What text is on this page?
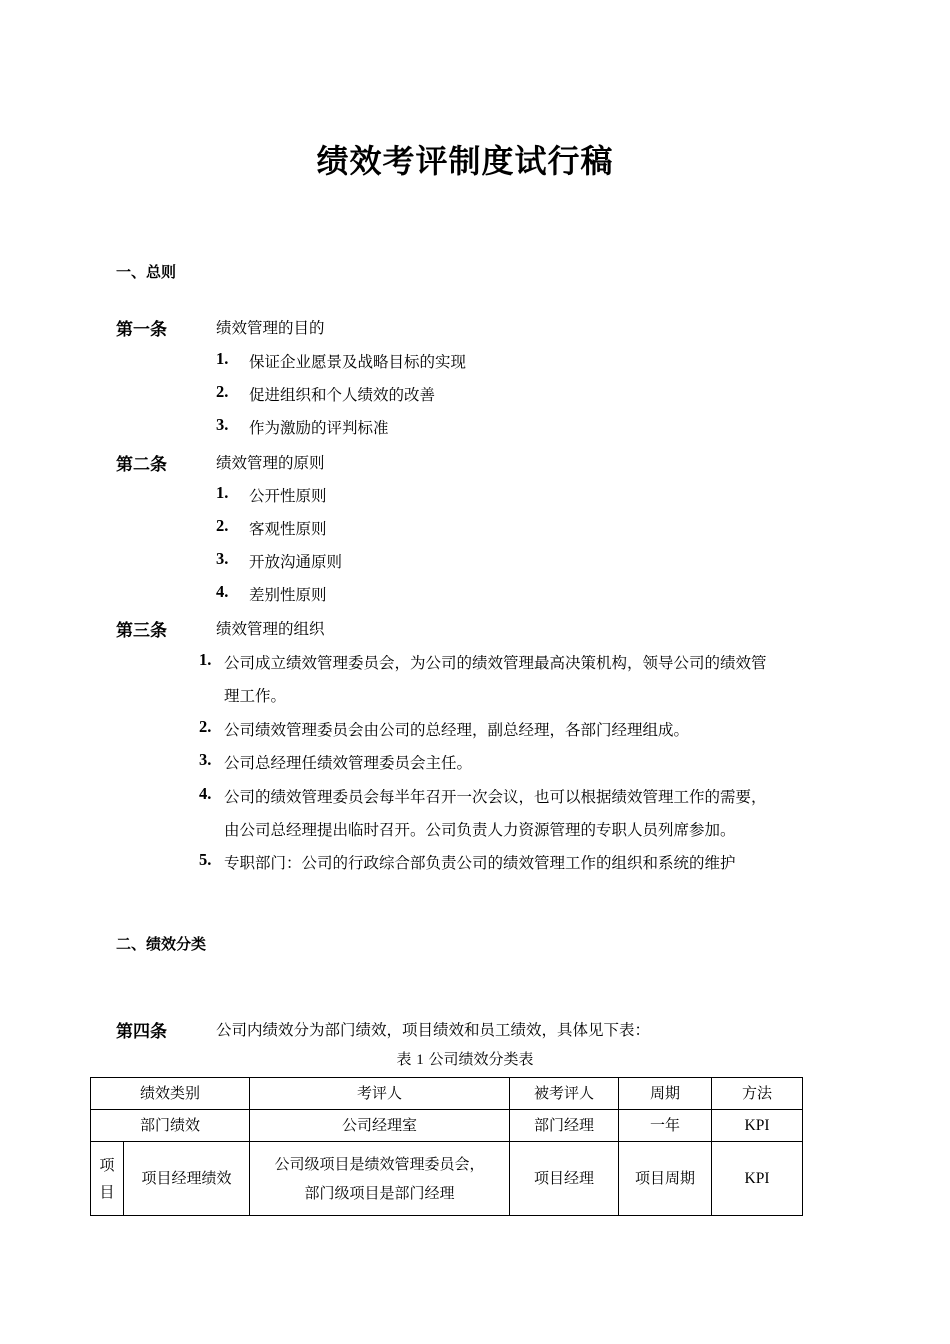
绩效考评制度试行稿
一、总则
第一条	绩效管理的目的
1. 保证企业愿景及战略目标的实现
2. 促进组织和个人绩效的改善
3. 作为激励的评判标准
第二条	绩效管理的原则
1. 公开性原则
2. 客观性原则
3. 开放沟通原则
4. 差别性原则
第三条	绩效管理的组织
1. 公司成立绩效管理委员会，为公司的绩效管理最高决策机构，领导公司的绩效管
理工作。
2. 公司绩效管理委员会由公司的总经理，副总经理，各部门经理组成。
3. 公司总经理任绩效管理委员会主任。
4. 公司的绩效管理委员会每半年召开一次会议，也可以根据绩效管理工作的需要，
由公司总经理提出临时召开。公司负责人力资源管理的专职人员列席参加。
5. 专职部门：公司的行政综合部负责公司的绩效管理工作的组织和系统的维护
二、绩效分类
第四条	公司内绩效分为部门绩效，项目绩效和员工绩效，具体见下表：
表 1 公司绩效分类表
绩效类别		考评人	被考评人	周期	方法
部门绩效		公司经理室	部门经理	一年	KPI
项目	项目经理绩效	公司级项目是绩效管理委员会，
部门级项目是部门经理	项目经理	项目周期	KPI
